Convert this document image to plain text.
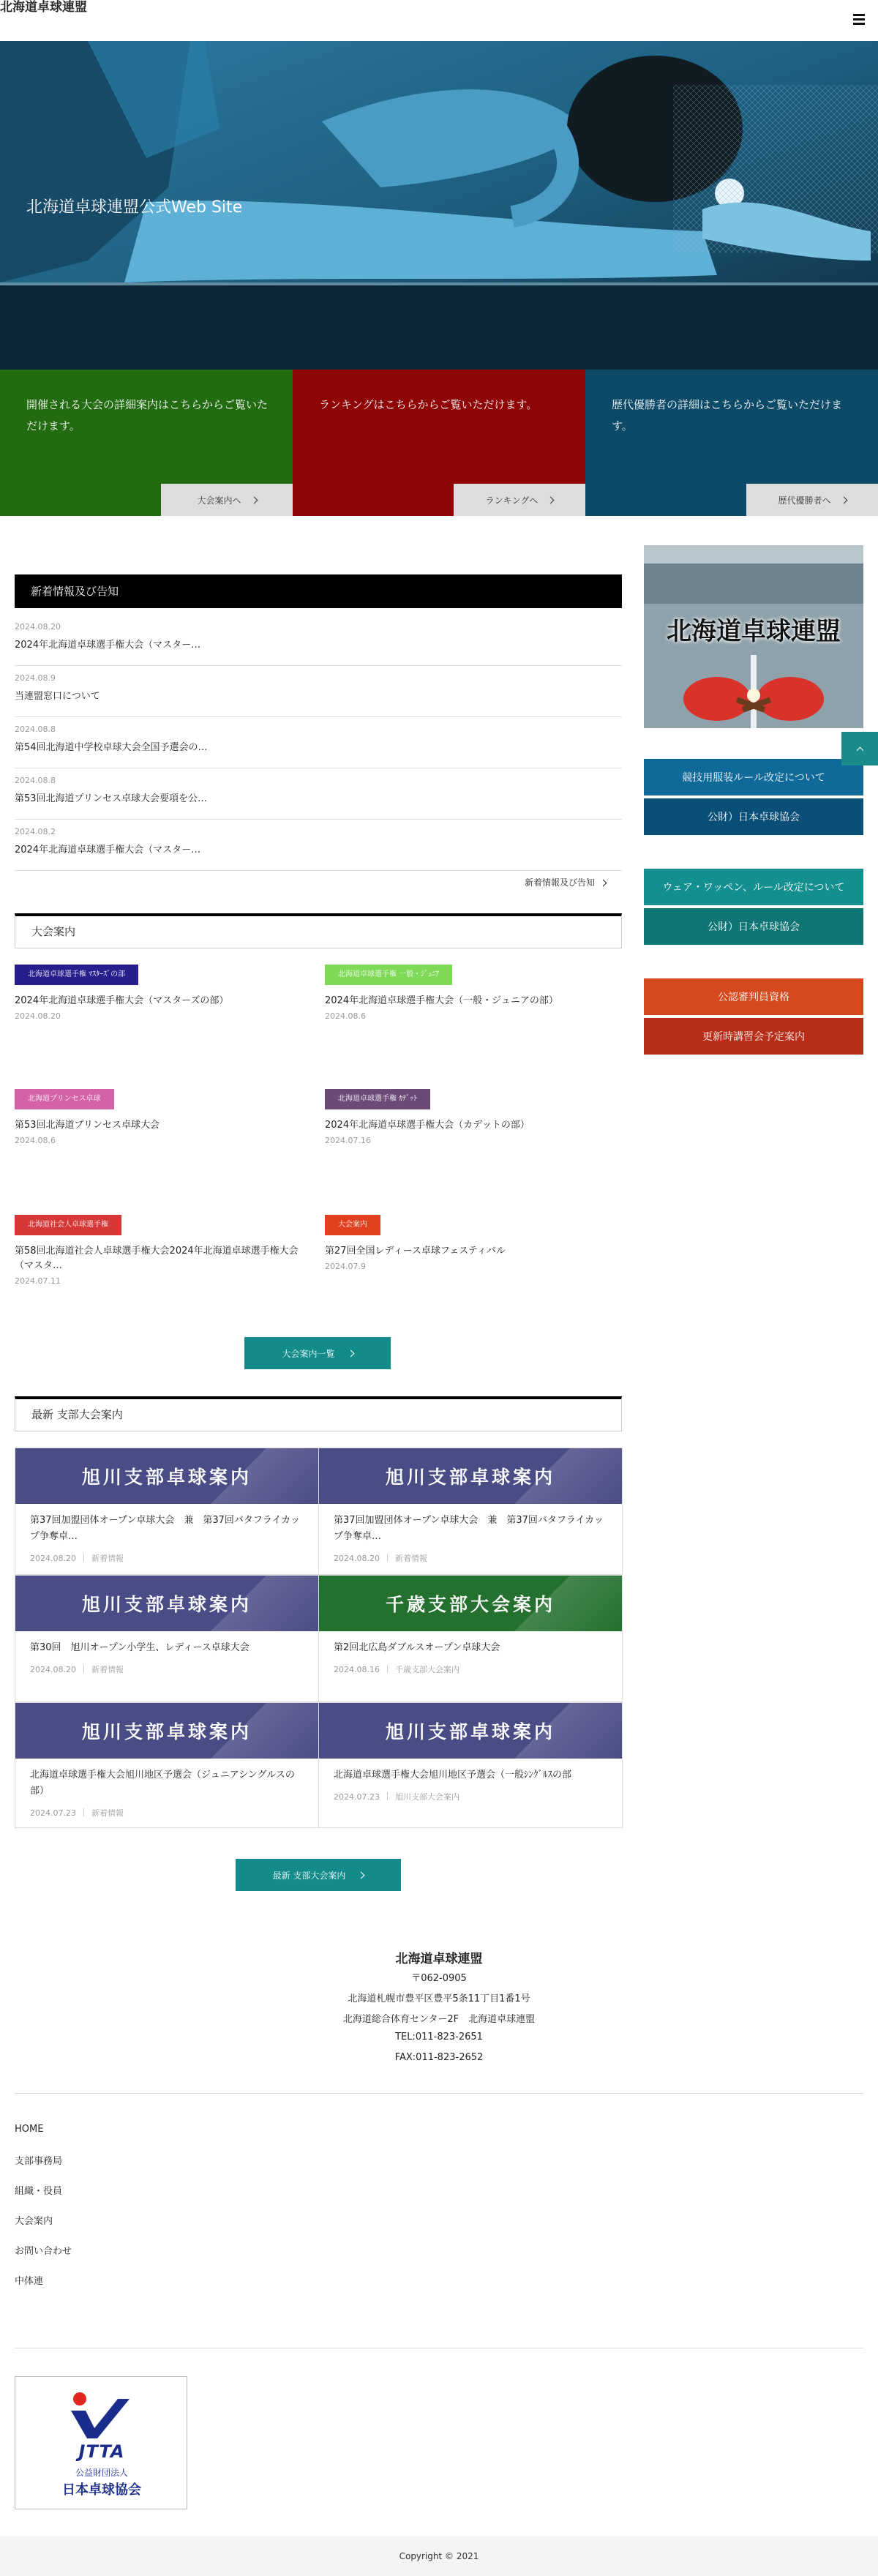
北海道卓球連盟
北海道卓球連盟公式Web Site
開催される大会の詳細案内はこちらからご覧いただけます。
大会案内へ
ランキングはこちらからご覧いただけます。
ランキングへ
歴代優勝者の詳細はこちらからご覧いただけます。
歴代優勝者へ
新着情報及び告知
2024.08.20
2024年北海道卓球選手権大会（マスター…
2024.08.9
当連盟窓口について
2024.08.8
第54回北海道中学校卓球大会全国予選会の…
2024.08.8
第53回北海道プリンセス卓球大会要項を公…
2024.08.2
2024年北海道卓球選手権大会（マスター…
新着情報及び告知
大会案内
北海道卓球選手権 ﾏｽﾀｰｽﾞの部
2024年北海道卓球選手権大会（マスターズの部）
2024.08.20
北海道卓球選手権 一般・ｼﾞｭﾆｱ
2024年北海道卓球選手権大会（一般・ジュニアの部）
2024.08.6
北海道プリンセス卓球
第53回北海道プリンセス卓球大会
2024.08.6
北海道卓球選手権 ｶﾃﾞｯﾄ
2024年北海道卓球選手権大会（カデットの部）
2024.07.16
北海道社会人卓球選手権
第58回北海道社会人卓球選手権大会2024年北海道卓球選手権大会（マスタ…
2024.07.11
大会案内
第27回全国レディース卓球フェスティバル
2024.07.9
大会案内一覧
最新 支部大会案内
旭川支部卓球案内
第37回加盟団体オープン卓球大会　兼　第37回バタフライカップ争奪卓…
2024.08.20 新着情報
旭川支部卓球案内
第37回加盟団体オープン卓球大会　兼　第37回バタフライカップ争奪卓…
2024.08.20 新着情報
旭川支部卓球案内
第30回　旭川オープン小学生、レディース卓球大会
2024.08.20 新着情報
千歳支部大会案内
第2回北広島ダブルスオープン卓球大会
2024.08.16 千歳支部大会案内
旭川支部卓球案内
北海道卓球選手権大会旭川地区予選会（ジュニアシングルスの部）
2024.07.23 新着情報
旭川支部卓球案内
北海道卓球選手権大会旭川地区予選会（一般ｼﾝｸﾞﾙｽの部
2024.07.23 旭川支部大会案内
最新 支部大会案内
北海道卓球連盟
競技用服装ルール改定について
公財）日本卓球協会
ウェア・ワッペン、ルール改定について
公財）日本卓球協会
公認審判員資格
更新時講習会予定案内
北海道卓球連盟
〒062-0905
北海道札幌市豊平区豊平5条11丁目1番1号
北海道総合体育センター2F　北海道卓球連盟
TEL:011-823-2651
FAX:011-823-2652
HOME
支部事務局
組織・役員
大会案内
お問い合わせ
中体連
JTTA
公益財団法人
日本卓球協会
Copyright © 2021
